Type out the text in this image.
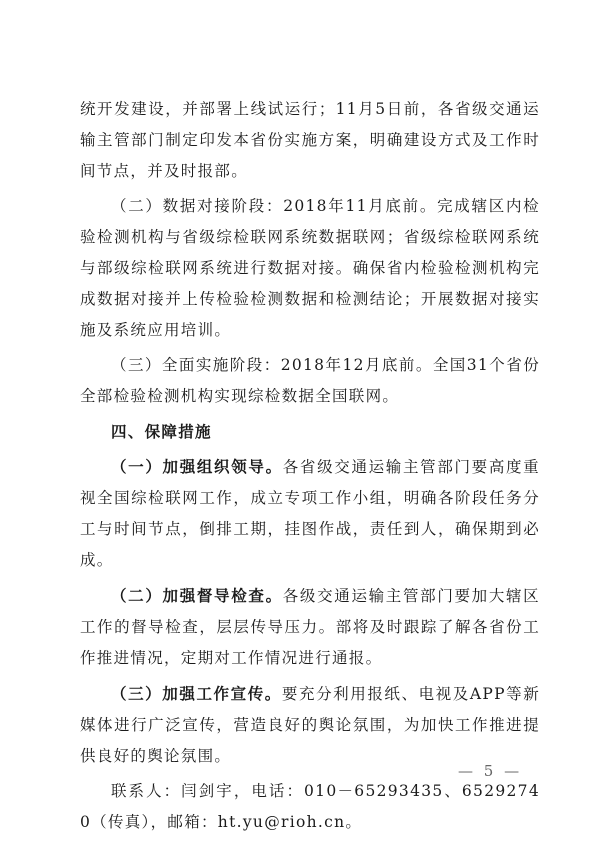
统开发建设，并部署上线试运行；11月5日前，各省级交通运输主管部门制定印发本省份实施方案，明确建设方式及工作时间节点，并及时报部。

（二）数据对接阶段：2018年11月底前。完成辖区内检验检测机构与省级综检联网系统数据联网；省级综检联网系统与部级综检联网系统进行数据对接。确保省内检验检测机构完成数据对接并上传检验检测数据和检测结论；开展数据对接实施及系统应用培训。

（三）全面实施阶段：2018年12月底前。全国31个省份全部检验检测机构实现综检数据全国联网。

四、保障措施

（一）加强组织领导。各省级交通运输主管部门要高度重视全国综检联网工作，成立专项工作小组，明确各阶段任务分工与时间节点，倒排工期，挂图作战，责任到人，确保期到必成。

（二）加强督导检查。各级交通运输主管部门要加大辖区工作的督导检查，层层传导压力。部将及时跟踪了解各省份工作推进情况，定期对工作情况进行通报。

（三）加强工作宣传。要充分利用报纸、电视及APP等新媒体进行广泛宣传，营造良好的舆论氛围，为加快工作推进提供良好的舆论氛围。

联系人：闫剑宇，电话：010－65293435、65292740（传真），邮箱：ht.yu@rioh.cn。

— 5 —
